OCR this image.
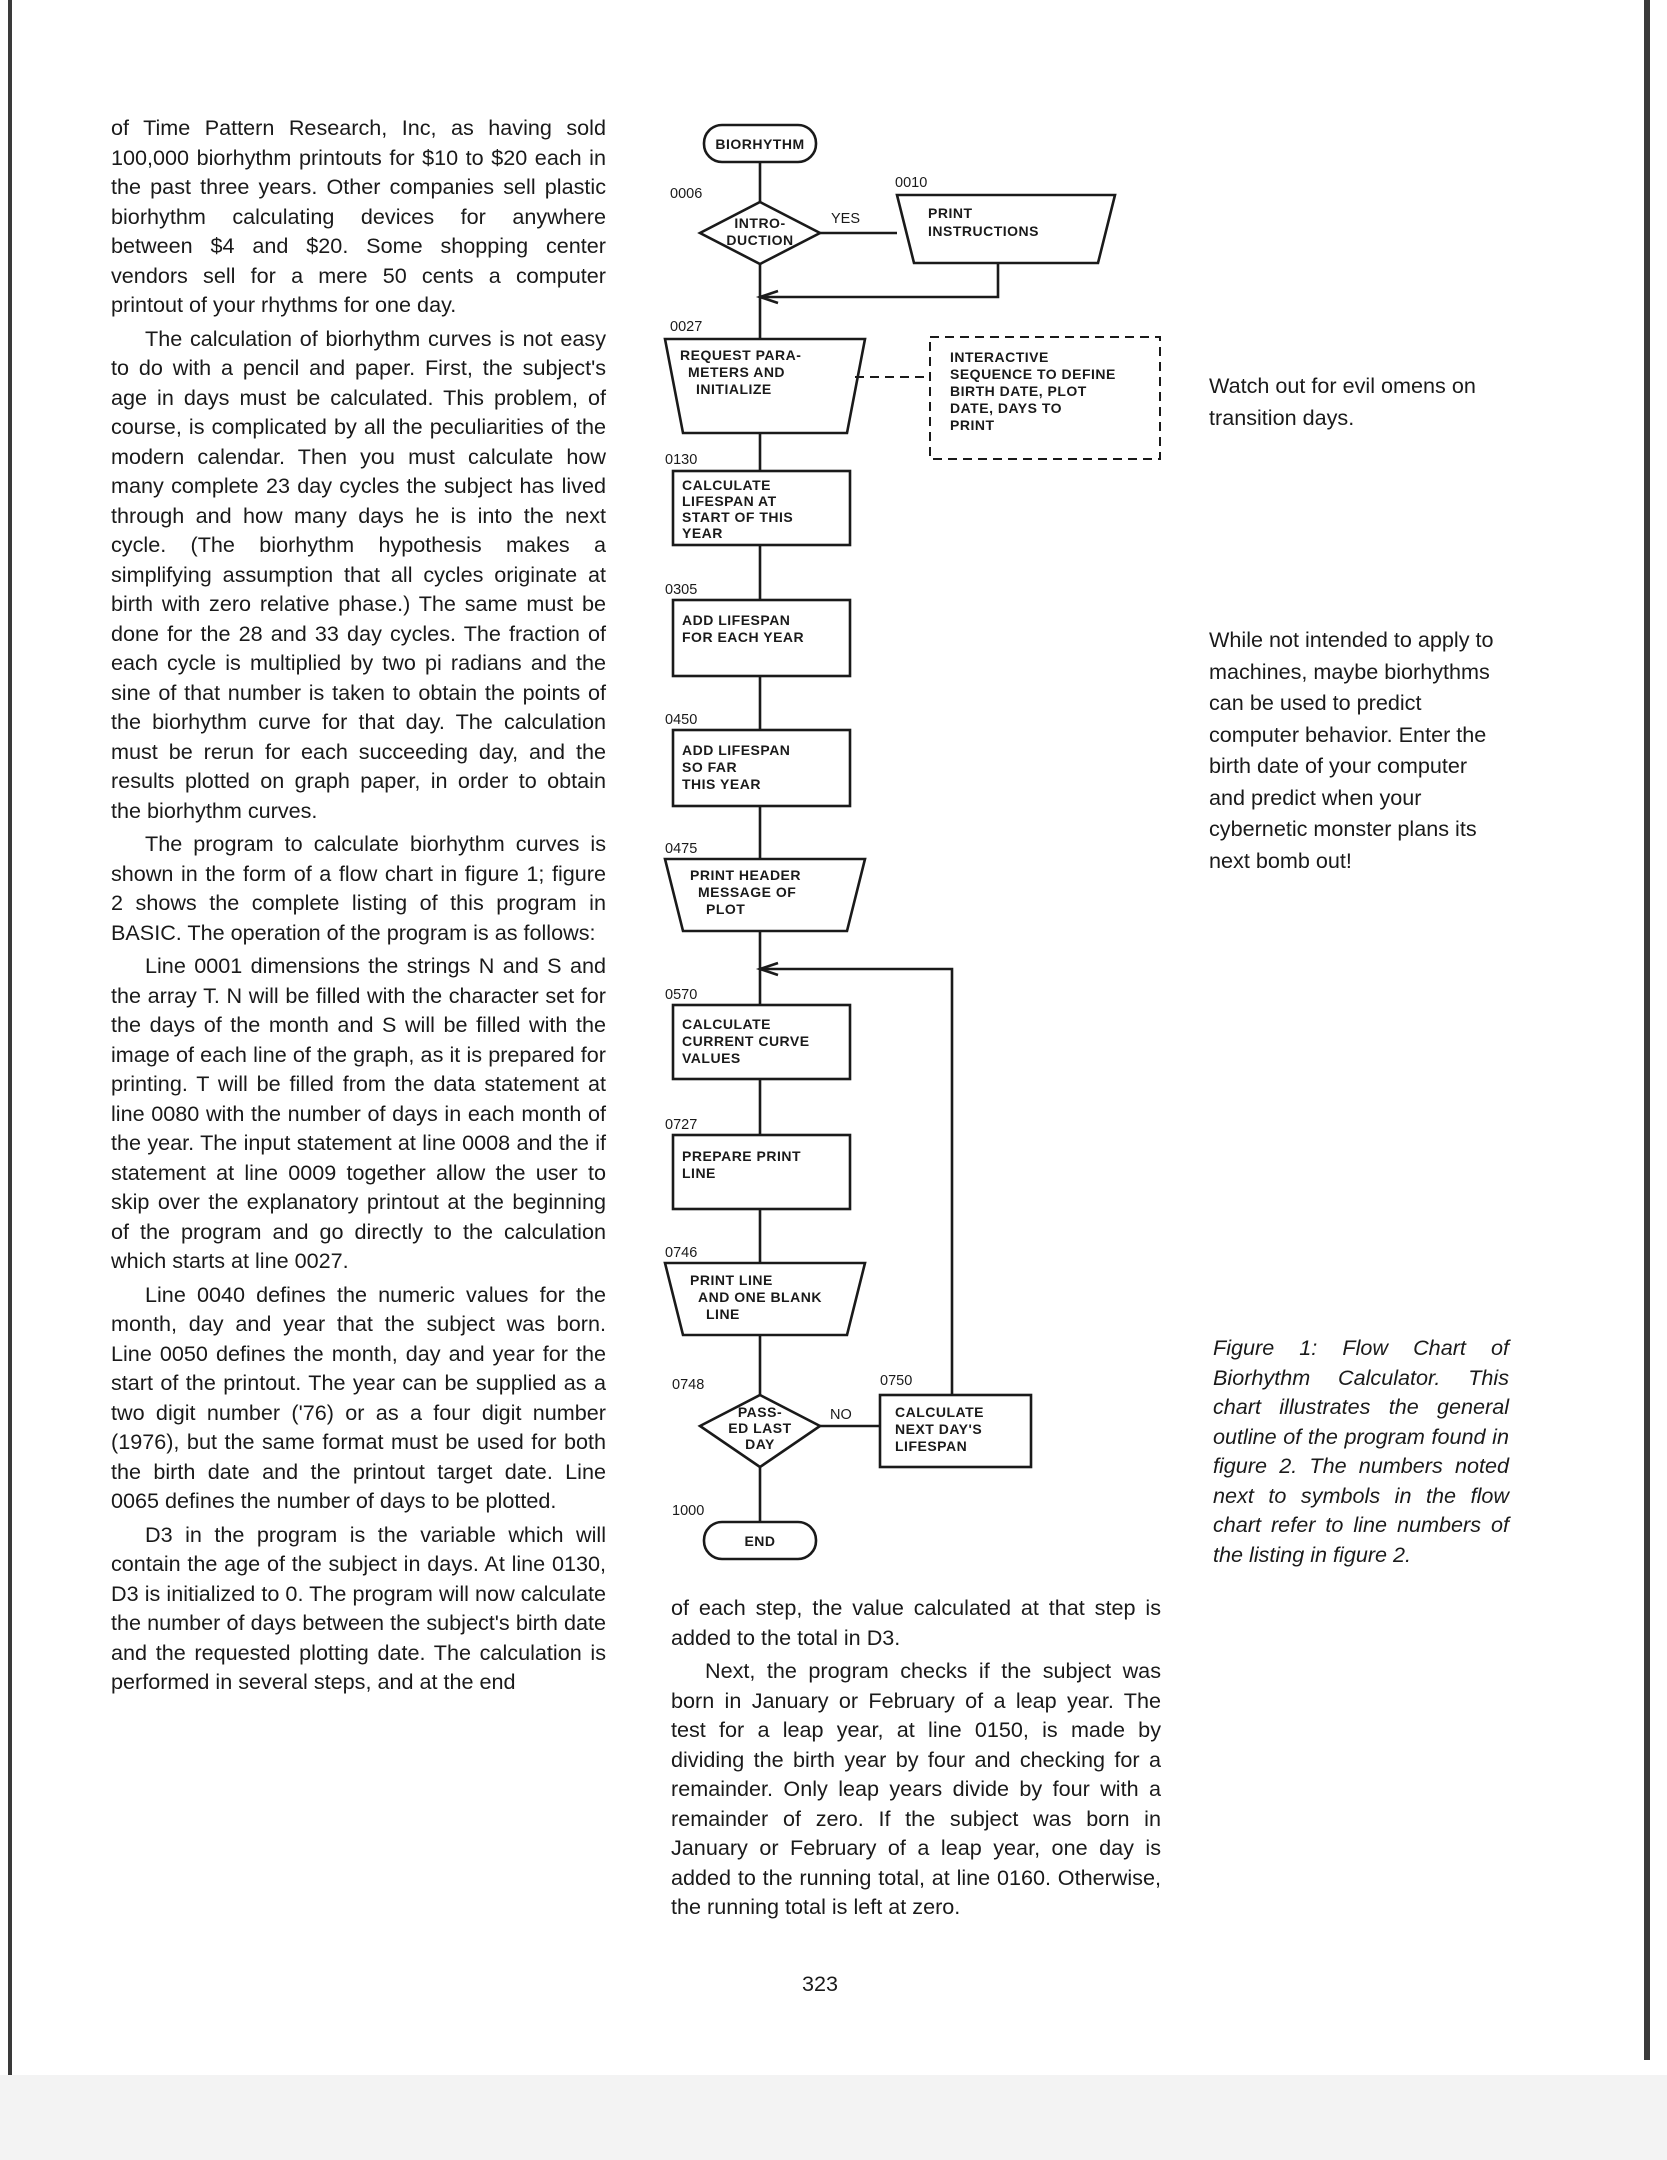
of Time Pattern Research, Inc, as having sold 100,000 biorhythm printouts for $10 to $20 each in the past three years. Other companies sell plastic biorhythm calculating devices for anywhere between $4 and $20. Some shopping center vendors sell for a mere 50 cents a computer printout of your rhythms for one day.

The calculation of biorhythm curves is not easy to do with a pencil and paper. First, the subject's age in days must be calculated. This problem, of course, is complicated by all the peculiarities of the modern calendar. Then you must calculate how many complete 23 day cycles the subject has lived through and how many days he is into the next cycle. (The biorhythm hypothesis makes a simplifying assumption that all cycles originate at birth with zero relative phase.) The same must be done for the 28 and 33 day cycles. The fraction of each cycle is multiplied by two pi radians and the sine of that number is taken to obtain the points of the biorhythm curve for that day. The calculation must be rerun for each succeeding day, and the results plotted on graph paper, in order to obtain the biorhythm curves.

The program to calculate biorhythm curves is shown in the form of a flow chart in figure 1; figure 2 shows the complete listing of this program in BASIC. The operation of the program is as follows:

Line 0001 dimensions the strings N and S and the array T. N will be filled with the character set for the days of the month and S will be filled with the image of each line of the graph, as it is prepared for printing. T will be filled from the data statement at line 0080 with the number of days in each month of the year. The input statement at line 0008 and the if statement at line 0009 together allow the user to skip over the explanatory printout at the beginning of the program and go directly to the calculation which starts at line 0027.

Line 0040 defines the numeric values for the month, day and year that the subject was born. Line 0050 defines the month, day and year for the start of the printout. The year can be supplied as a two digit number ('76) or as a four digit number (1976), but the same format must be used for both the birth date and the printout target date. Line 0065 defines the number of days to be plotted.

D3 in the program is the variable which will contain the age of the subject in days. At line 0130, D3 is initialized to 0. The program will now calculate the number of days between the subject's birth date and the requested plotting date. The calculation is performed in several steps, and at the end

BIORHYTHM
0006
INTRO-
DUCTION
YES
0010
PRINT
INSTRUCTIONS
0027
REQUEST PARA-
METERS AND
INITIALIZE
INTERACTIVE
SEQUENCE TO DEFINE
BIRTH DATE, PLOT
DATE, DAYS TO
PRINT
0130
CALCULATE
LIFESPAN AT
START OF THIS
YEAR
0305
ADD LIFESPAN
FOR EACH YEAR
0450
ADD LIFESPAN
SO FAR
THIS YEAR
0475
PRINT HEADER
MESSAGE OF
PLOT
0570
CALCULATE
CURRENT CURVE
VALUES
0727
PREPARE PRINT
LINE
0746
PRINT LINE
AND ONE BLANK
LINE
0748
PASS-
ED LAST
DAY
NO
0750
CALCULATE
NEXT DAY'S
LIFESPAN
1000
END

of each step, the value calculated at that step is added to the total in D3.

Next, the program checks if the subject was born in January or February of a leap year. The test for a leap year, at line 0150, is made by dividing the birth year by four and checking for a remainder. Only leap years divide by four with a remainder of zero. If the subject was born in January or February of a leap year, one day is added to the running total, at line 0160. Otherwise, the running total is left at zero.

Watch out for evil omens on transition days.
While not intended to apply to machines, maybe biorhythms can be used to predict computer behavior. Enter the birth date of your computer and predict when your cybernetic monster plans its next bomb out!
Figure 1: Flow Chart of Biorhythm Calculator. This chart illustrates the general outline of the program found in figure 2. The numbers noted next to symbols in the flow chart refer to line numbers of the listing in figure 2.
323
